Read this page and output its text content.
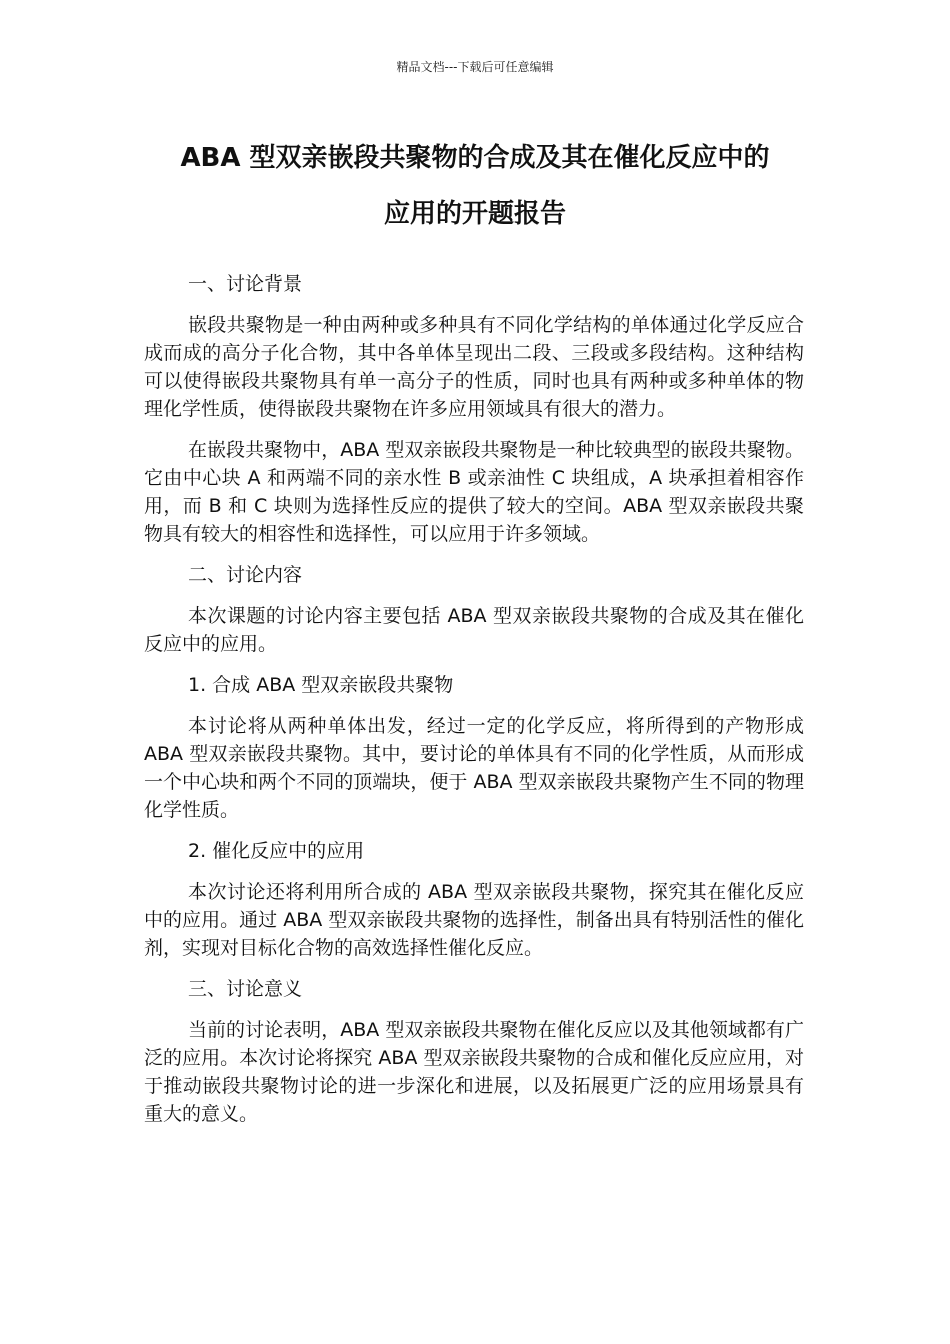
精品文档---下载后可任意编辑
ABA 型双亲嵌段共聚物的合成及其在催化反应中的
应用的开题报告
一、讨论背景

嵌段共聚物是一种由两种或多种具有不同化学结构的单体通过化学反应合成而成的高分子化合物，其中各单体呈现出二段、三段或多段结构。这种结构可以使得嵌段共聚物具有单一高分子的性质，同时也具有两种或多种单体的物理化学性质，使得嵌段共聚物在许多应用领域具有很大的潜力。

在嵌段共聚物中，ABA 型双亲嵌段共聚物是一种比较典型的嵌段共聚物。它由中心块 A 和两端不同的亲水性 B 或亲油性 C 块组成，A 块承担着相容作用，而 B 和 C 块则为选择性反应的提供了较大的空间。ABA 型双亲嵌段共聚物具有较大的相容性和选择性，可以应用于许多领域。

二、讨论内容

本次课题的讨论内容主要包括 ABA 型双亲嵌段共聚物的合成及其在催化反应中的应用。

1. 合成 ABA 型双亲嵌段共聚物

本讨论将从两种单体出发，经过一定的化学反应，将所得到的产物形成 ABA 型双亲嵌段共聚物。其中，要讨论的单体具有不同的化学性质，从而形成一个中心块和两个不同的顶端块，便于 ABA 型双亲嵌段共聚物产生不同的物理化学性质。

2. 催化反应中的应用

本次讨论还将利用所合成的 ABA 型双亲嵌段共聚物，探究其在催化反应中的应用。通过 ABA 型双亲嵌段共聚物的选择性，制备出具有特别活性的催化剂，实现对目标化合物的高效选择性催化反应。

三、讨论意义

当前的讨论表明，ABA 型双亲嵌段共聚物在催化反应以及其他领域都有广泛的应用。本次讨论将探究 ABA 型双亲嵌段共聚物的合成和催化反应应用，对于推动嵌段共聚物讨论的进一步深化和进展，以及拓展更广泛的应用场景具有重大的意义。
